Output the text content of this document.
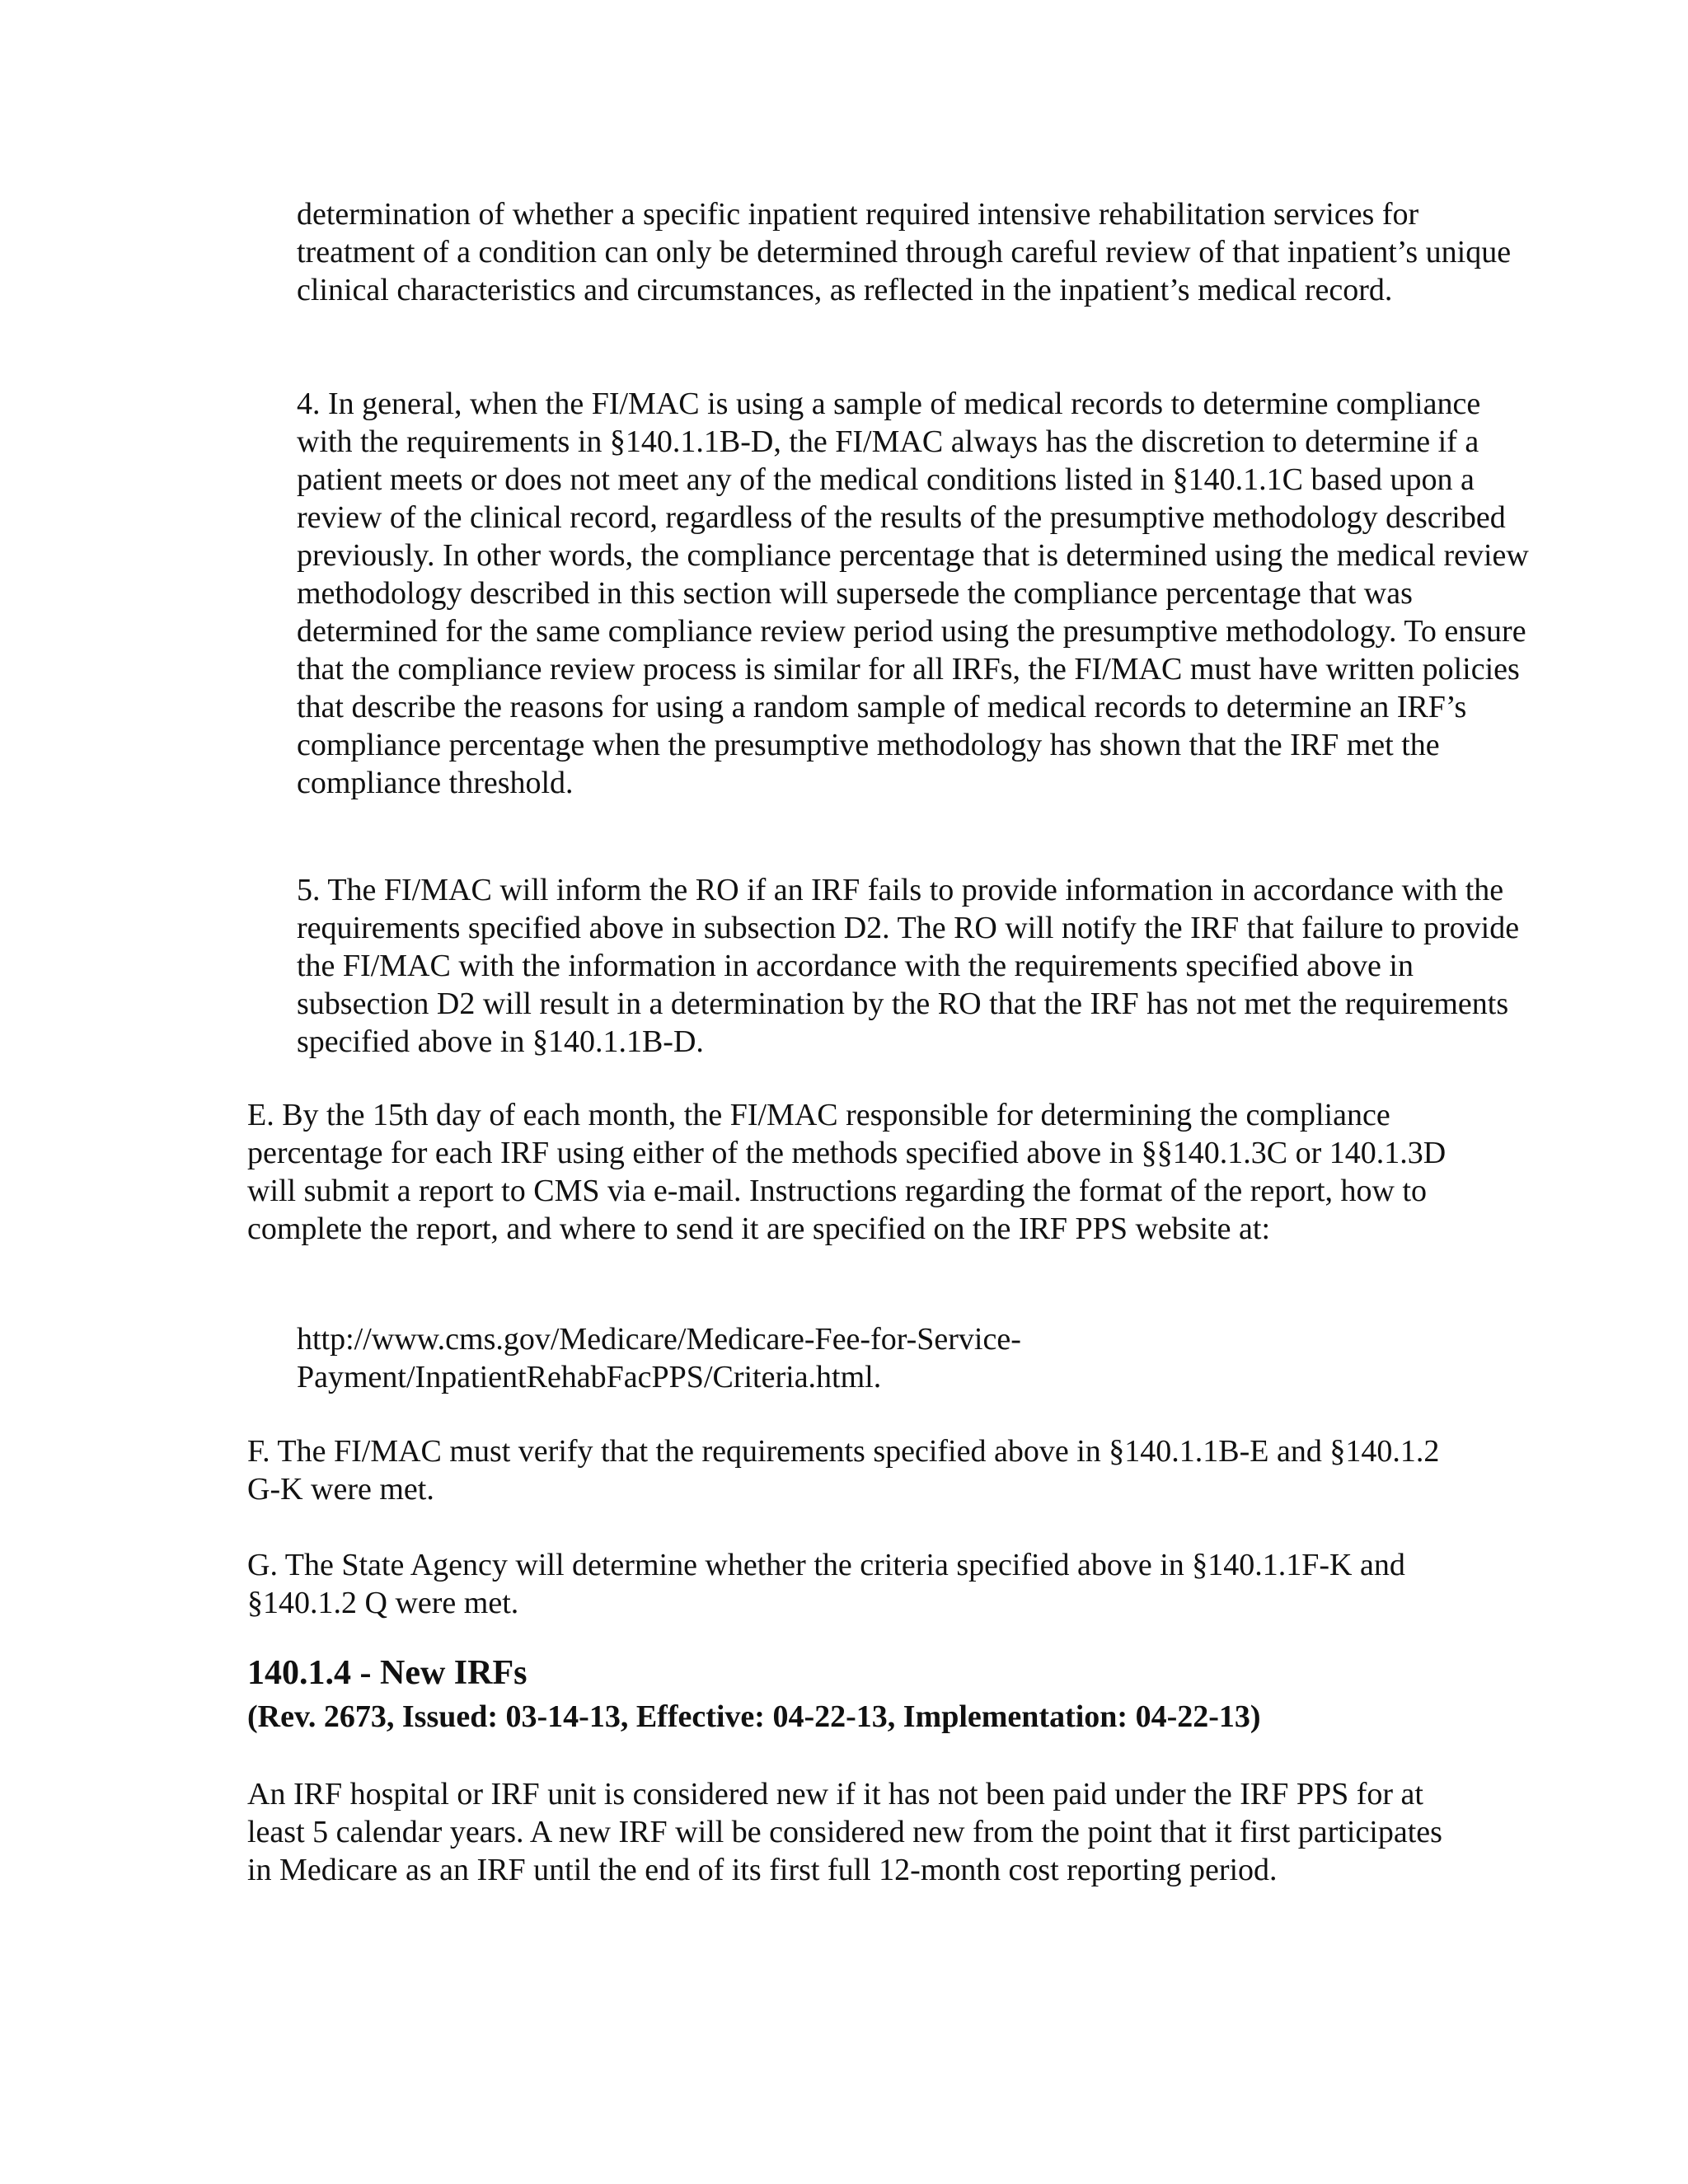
determination of whether a specific inpatient required intensive rehabilitation services for treatment of a condition can only be determined through careful review of that inpatient’s unique clinical characteristics and circumstances, as reflected in the inpatient’s medical record.

4. In general, when the FI/MAC is using a sample of medical records to determine compliance with the requirements in §140.1.1B-D, the FI/MAC always has the discretion to determine if a patient meets or does not meet any of the medical conditions listed in §140.1.1C based upon a review of the clinical record, regardless of the results of the presumptive methodology described previously. In other words, the compliance percentage that is determined using the medical review methodology described in this section will supersede the compliance percentage that was determined for the same compliance review period using the presumptive methodology. To ensure that the compliance review process is similar for all IRFs, the FI/MAC must have written policies that describe the reasons for using a random sample of medical records to determine an IRF’s compliance percentage when the presumptive methodology has shown that the IRF met the compliance threshold.

5. The FI/MAC will inform the RO if an IRF fails to provide information in accordance with the requirements specified above in subsection D2. The RO will notify the IRF that failure to provide the FI/MAC with the information in accordance with the requirements specified above in subsection D2 will result in a determination by the RO that the IRF has not met the requirements specified above in §140.1.1B-D.

E. By the 15th day of each month, the FI/MAC responsible for determining the compliance percentage for each IRF using either of the methods specified above in §§140.1.3C or 140.1.3D will submit a report to CMS via e-mail. Instructions regarding the format of the report, how to complete the report, and where to send it are specified on the IRF PPS website at:

http://www.cms.gov/Medicare/Medicare-Fee-for-Service-
Payment/InpatientRehabFacPPS/Criteria.html.

F. The FI/MAC must verify that the requirements specified above in §140.1.1B-E and §140.1.2 G-K were met.

G. The State Agency will determine whether the criteria specified above in §140.1.1F-K and §140.1.2 Q were met.

140.1.4 - New IRFs

(Rev. 2673, Issued: 03-14-13, Effective: 04-22-13, Implementation: 04-22-13)

An IRF hospital or IRF unit is considered new if it has not been paid under the IRF PPS for at least 5 calendar years. A new IRF will be considered new from the point that it first participates in Medicare as an IRF until the end of its first full 12-month cost reporting period.
